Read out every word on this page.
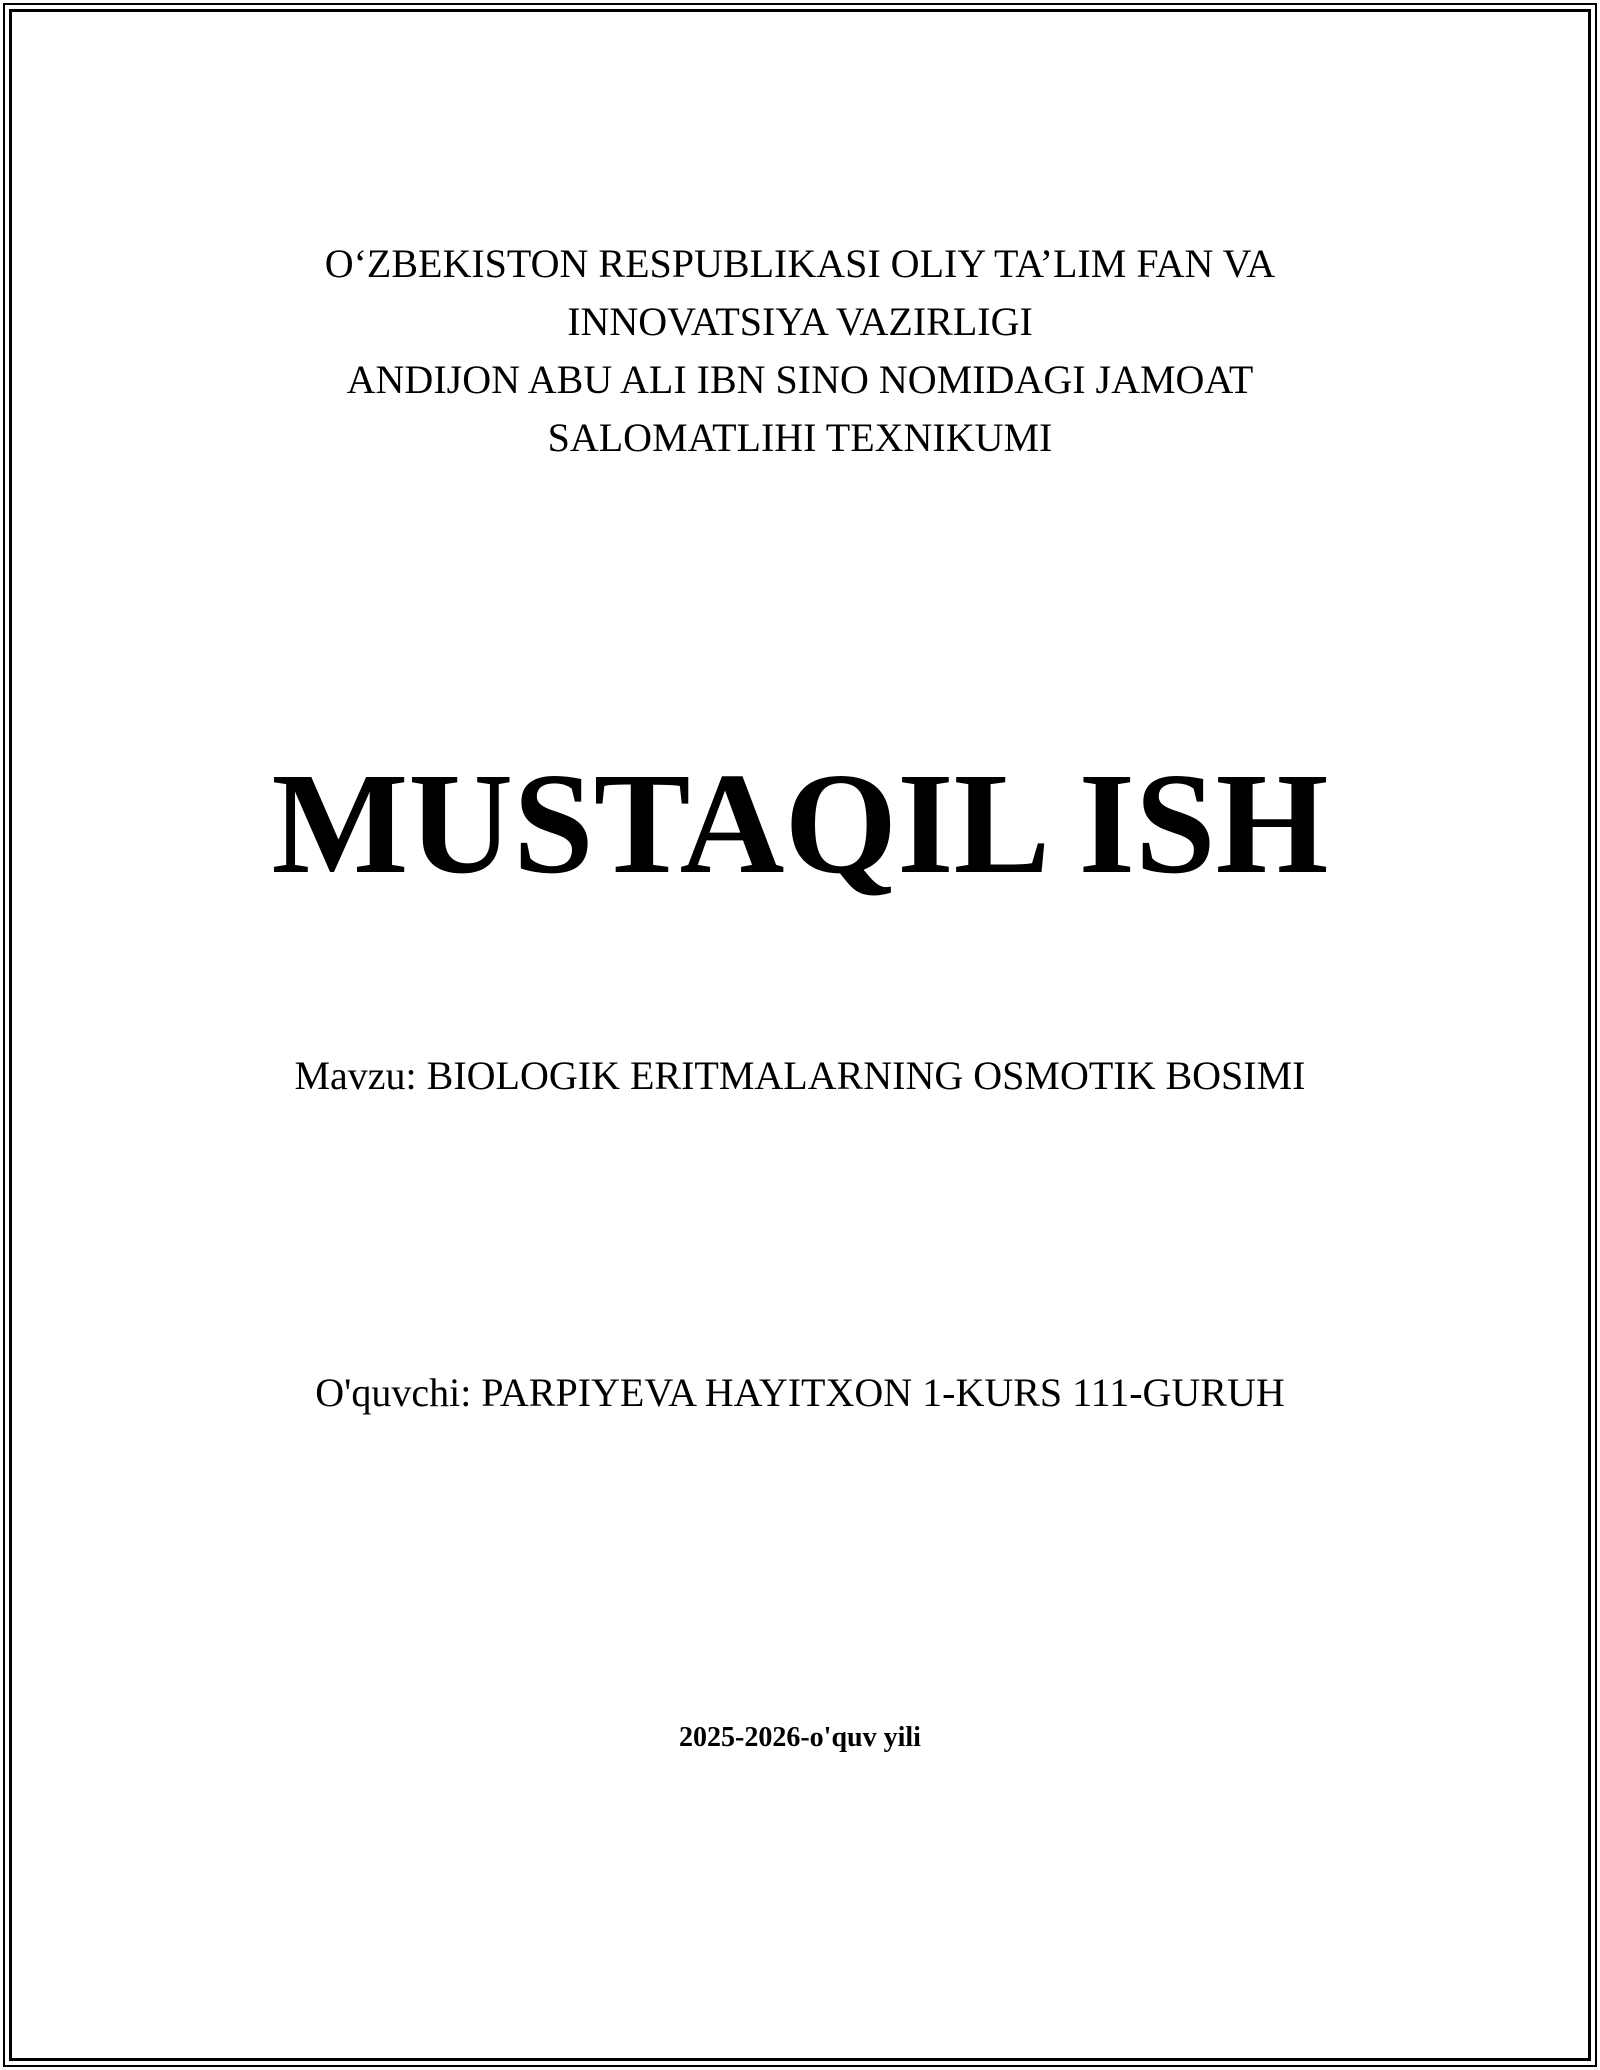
O‘ZBEKISTON RESPUBLIKASI OLIY TA’LIM FAN VA
INNOVATSIYA VAZIRLIGI
ANDIJON ABU ALI IBN SINO NOMIDAGI JAMOAT
SALOMATLIHI TEXNIKUMI
MUSTAQIL ISH
Mavzu: BIOLOGIK ERITMALARNING OSMOTIK BOSIMI
O'quvchi: PARPIYEVA HAYITXON 1-KURS 111-GURUH
2025-2026-o'quv yili
